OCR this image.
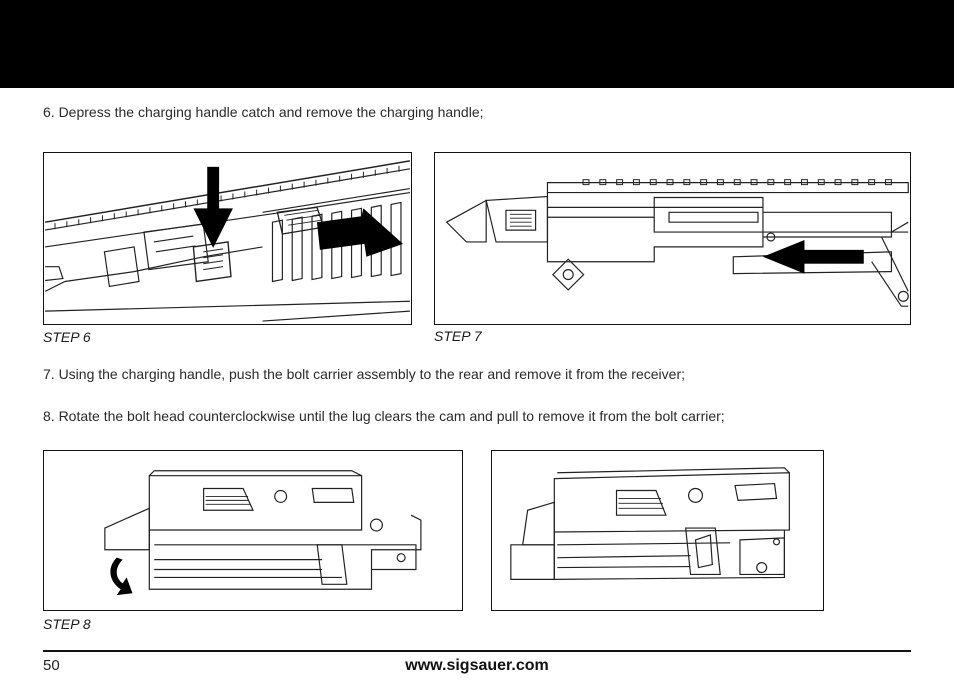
6. Depress the charging handle catch and remove the charging handle;
STEP 6	STEP 7
7. Using the charging handle, push the bolt carrier assembly to the rear and remove it from the receiver;
8. Rotate the bolt head counterclockwise until the lug clears the cam and pull to remove it from the bolt carrier;
STEP 8
50	www.sigsauer.com
